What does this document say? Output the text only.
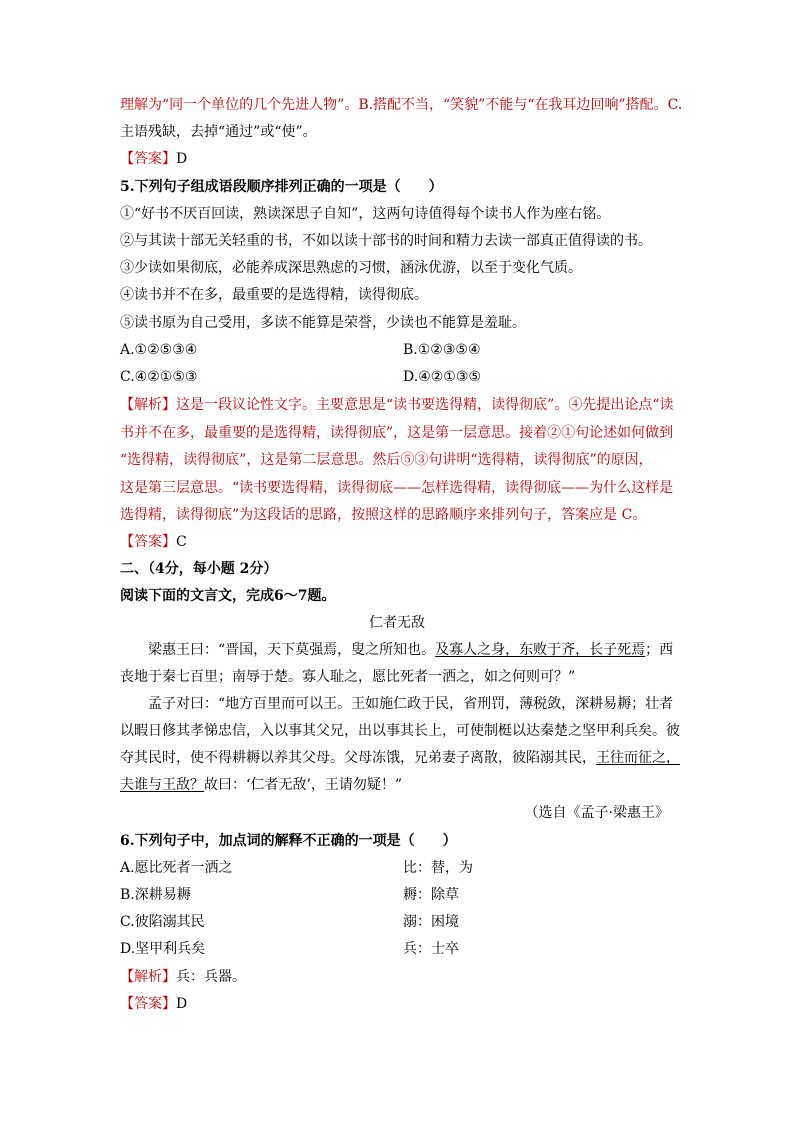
理解为“同一个单位的几个先进人物”。B.搭配不当，“笑貌”不能与“在我耳边回响”搭配。C.
主语残缺，去掉“通过”或“使”。
【答案】D
5.下列句子组成语段顺序排列正确的一项是（　　）
①“好书不厌百回读，熟读深思子自知”，这两句诗值得每个读书人作为座右铭。
②与其读十部无关轻重的书，不如以读十部书的时间和精力去读一部真正值得读的书。
③少读如果彻底，必能养成深思熟虑的习惯，涵泳优游，以至于变化气质。
④读书并不在多，最重要的是选得精，读得彻底。
⑤读书原为自己受用，多读不能算是荣誉，少读也不能算是羞耻。
A.①②⑤③④	B.①②③⑤④
C.④②①⑤③	D.④②①③⑤
【解析】这是一段议论性文字。主要意思是“读书要选得精，读得彻底”。④先提出论点“读
书并不在多，最重要的是选得精，读得彻底”，这是第一层意思。接着②①句论述如何做到
“选得精，读得彻底”，这是第二层意思。然后⑤③句讲明“选得精，读得彻底”的原因，
这是第三层意思。“读书要选得精，读得彻底——怎样选得精，读得彻底——为什么这样是
选得精，读得彻底”为这段话的思路，按照这样的思路顺序来排列句子，答案应是 C。
【答案】C
二、（4分，每小题 2分）
阅读下面的文言文，完成6～7题。
仁者无敌
梁惠王曰：“晋国，天下莫强焉，叟之所知也。及寡人之身，东败于齐，长子死焉；西
丧地于秦七百里；南辱于楚。寡人耻之，愿比死者一洒之，如之何则可？”
孟子对曰：“地方百里而可以王。王如施仁政于民，省刑罚，薄税敛，深耕易耨；壮者
以暇日修其孝悌忠信，入以事其父兄，出以事其长上，可使制梃以达秦楚之坚甲利兵矣。彼
夺其民时，使不得耕耨以养其父母。父母冻饿，兄弟妻子离散，彼陷溺其民，王往而征之，
夫谁与王敌？故曰：‘仁者无敌’，王请勿疑！”
（选自《孟子·梁惠王》
6.下列句子中，加点词的解释不正确的一项是（　　）
A.愿比死者一洒之	比：替，为
B.深耕易耨	耨：除草
C.彼陷溺其民	溺：困境
D.坚甲利兵矣	兵：士卒
【解析】兵：兵器。
【答案】D
